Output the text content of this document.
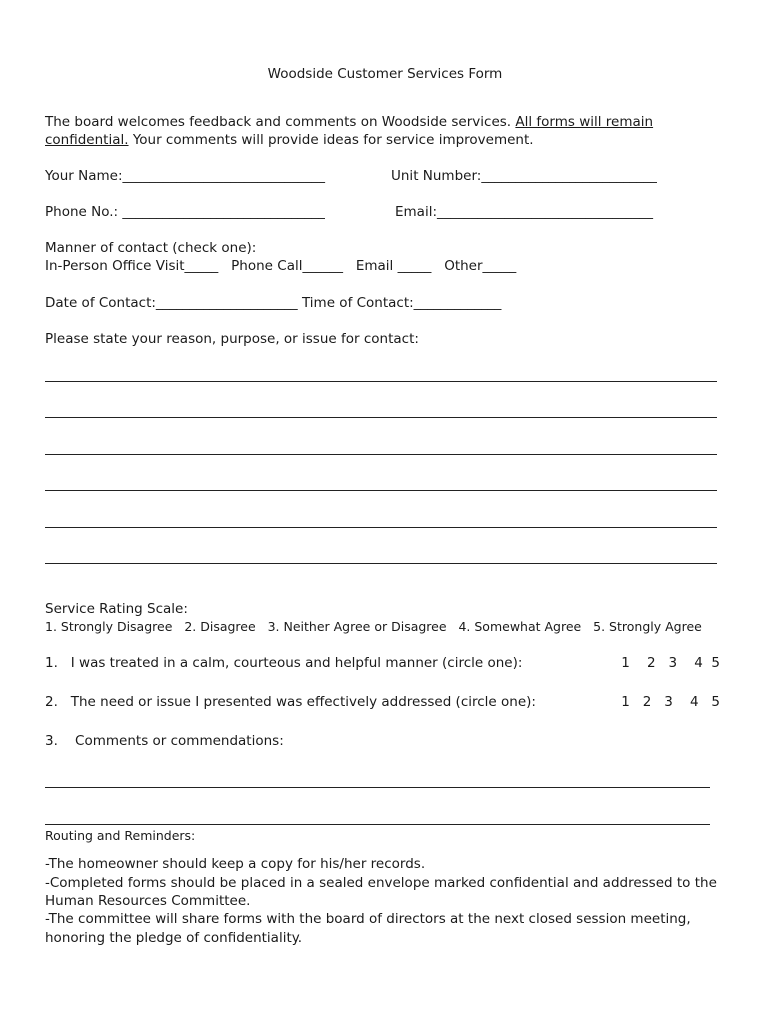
Woodside Customer Services Form
The board welcomes feedback and comments on Woodside services. All forms will remain
confidential. Your comments will provide ideas for service improvement.
Your Name:______________________________	Unit Number:__________________________
Phone No.: ______________________________	Email:________________________________
Manner of contact (check one):
In-Person Office Visit_____   Phone Call______   Email _____   Other_____
Date of Contact:_____________________ Time of Contact:_____________
Please state your reason, purpose, or issue for contact:
Service Rating Scale:
1. Strongly Disagree   2. Disagree   3. Neither Agree or Disagree   4. Somewhat Agree   5. Strongly Agree
1.   I was treated in a calm, courteous and helpful manner (circle one):	1    2   3    4  5
2.   The need or issue I presented was effectively addressed (circle one):	1   2   3    4   5
3.    Comments or commendations:
Routing and Reminders:
-The homeowner should keep a copy for his/her records.
-Completed forms should be placed in a sealed envelope marked confidential and addressed to the
Human Resources Committee.
-The committee will share forms with the board of directors at the next closed session meeting,
honoring the pledge of confidentiality.
